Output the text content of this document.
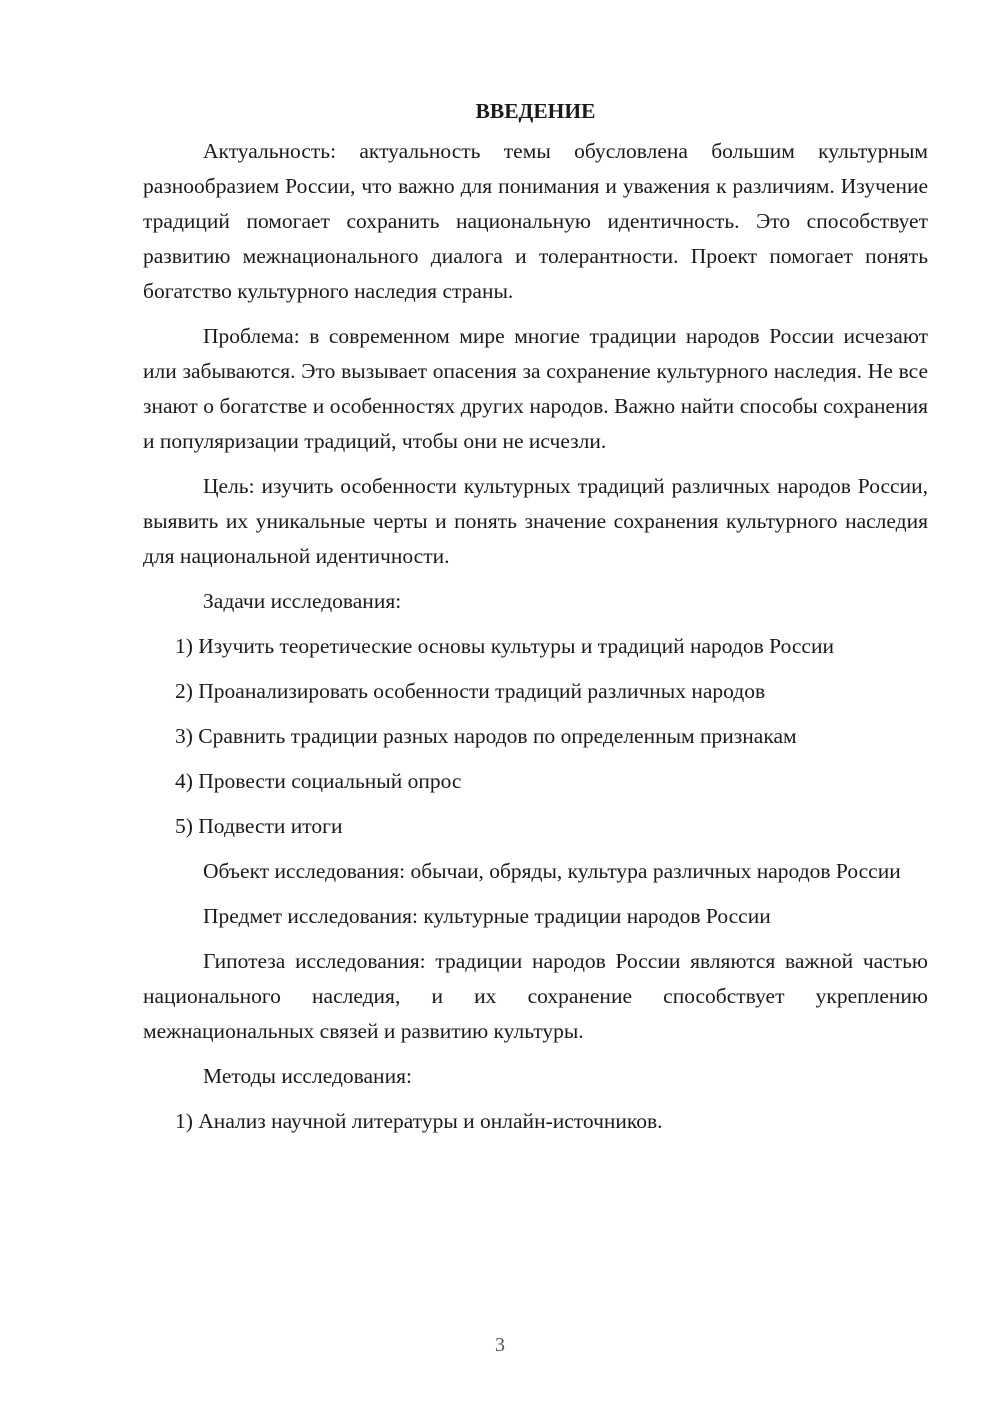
ВВЕДЕНИЕ

Актуальность: актуальность темы обусловлена большим культурным разнообразием России, что важно для понимания и уважения к различиям. Изучение традиций помогает сохранить национальную идентичность. Это способствует развитию межнационального диалога и толерантности. Проект помогает понять богатство культурного наследия страны.

Проблема: в современном мире многие традиции народов России исчезают или забываются. Это вызывает опасения за сохранение культурного наследия. Не все знают о богатстве и особенностях других народов. Важно найти способы сохранения и популяризации традиций, чтобы они не исчезли.

Цель: изучить особенности культурных традиций различных народов России, выявить их уникальные черты и понять значение сохранения культурного наследия для национальной идентичности.

Задачи исследования:

1) Изучить теоретические основы культуры и традиций народов России

2) Проанализировать особенности традиций различных народов

3) Сравнить традиции разных народов по определенным признакам

4) Провести социальный опрос

5) Подвести итоги

Объект исследования: обычаи, обряды, культура различных народов России

Предмет исследования: культурные традиции народов России

Гипотеза исследования: традиции народов России являются важной частью национального наследия, и их сохранение способствует укреплению межнациональных связей и развитию культуры.

Методы исследования:

1) Анализ научной литературы и онлайн-источников.

3
